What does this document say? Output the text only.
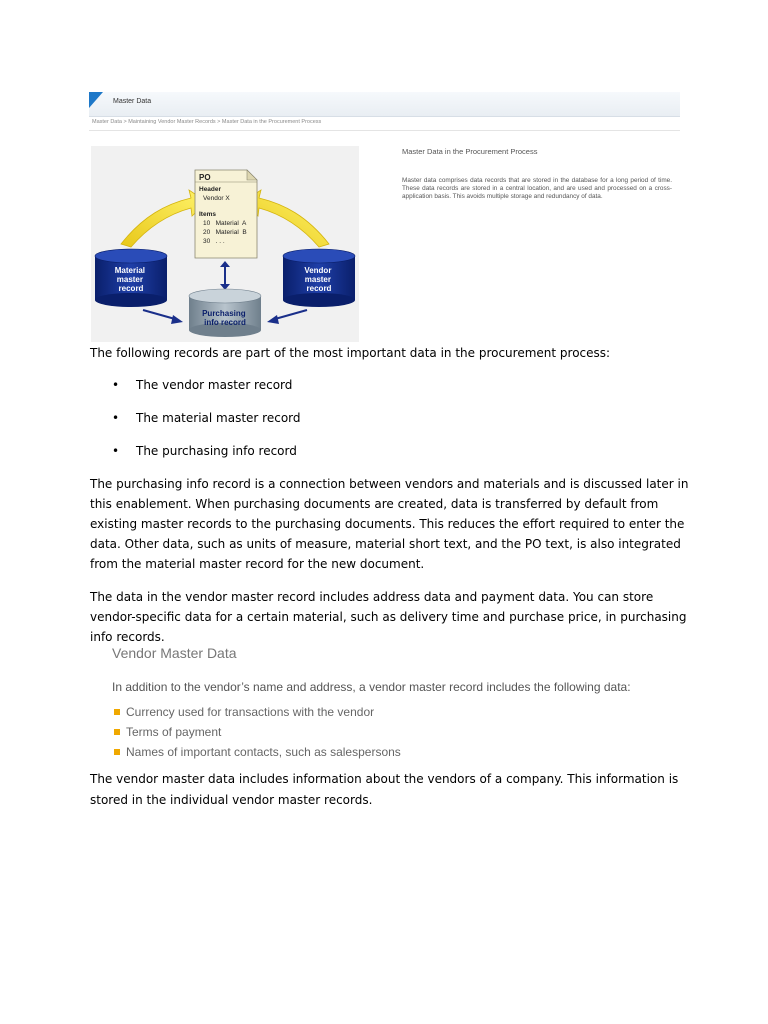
Master Data
Master Data > Maintaining Vendor Master Records > Master Data in the Procurement Process
PO
Header
Vendor X
Items
10   Material  A
20   Material  B
30   . . .
Material master record
Vendor master record
Purchasing info record
Master Data in the Procurement Process
Master data comprises data records that are stored in the database for a long period of time. These data records are stored in a central location, and are used and processed on a cross-application basis. This avoids multiple storage and redundancy of data.
The following records are part of the most important data in the procurement process:
• The vendor master record
• The material master record
• The purchasing info record
The purchasing info record is a connection between vendors and materials and is discussed later in this enablement. When purchasing documents are created, data is transferred by default from existing master records to the purchasing documents. This reduces the effort required to enter the data. Other data, such as units of measure, material short text, and the PO text, is also integrated from the material master record for the new document.
The data in the vendor master record includes address data and payment data. You can store vendor-specific data for a certain material, such as delivery time and purchase price, in purchasing info records.
Vendor Master Data
In addition to the vendor’s name and address, a vendor master record includes the following data:
Currency used for transactions with the vendor
Terms of payment
Names of important contacts, such as salespersons
The vendor master data includes information about the vendors of a company. This information is stored in the individual vendor master records.
